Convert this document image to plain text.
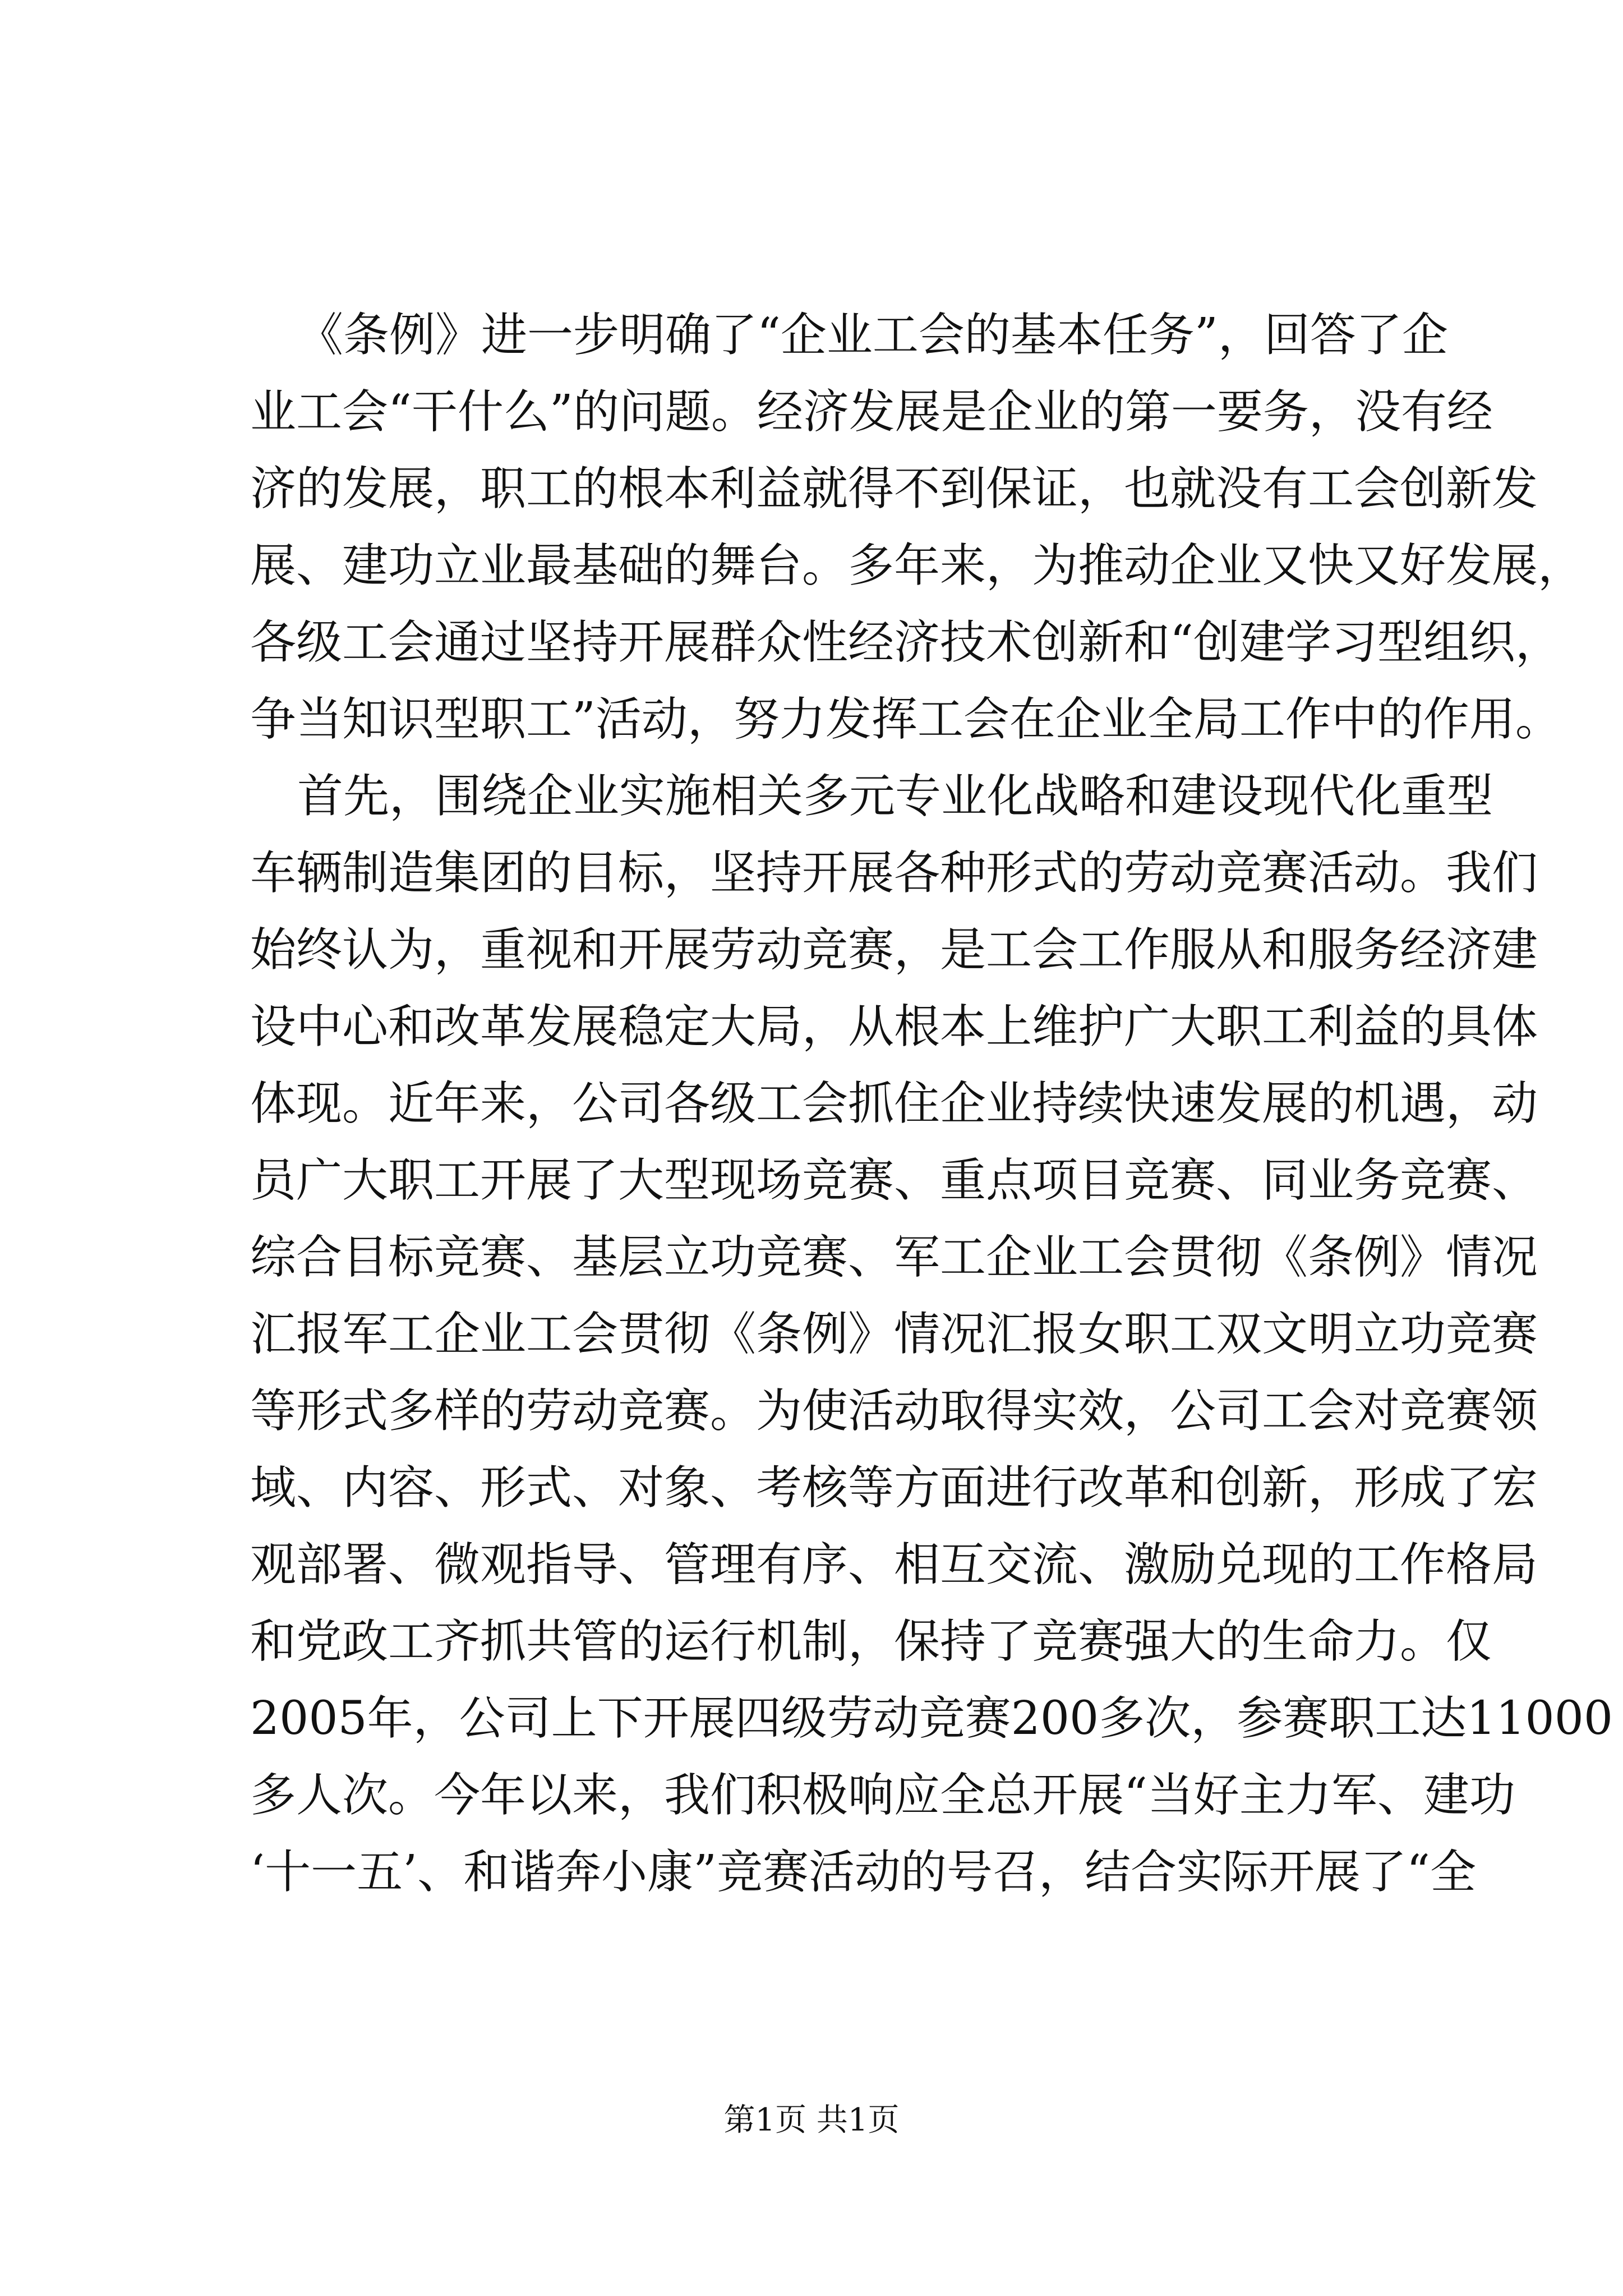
《条例》进一步明确了“企业工会的基本任务”，回答了企

业工会“干什么”的问题。经济发展是企业的第一要务，没有经

济的发展，职工的根本利益就得不到保证，也就没有工会创新发

展、建功立业最基础的舞台。多年来，为推动企业又快又好发展，

各级工会通过坚持开展群众性经济技术创新和“创建学习型组织，

争当知识型职工”活动，努力发挥工会在企业全局工作中的作用。

首先，围绕企业实施相关多元专业化战略和建设现代化重型

车辆制造集团的目标，坚持开展各种形式的劳动竞赛活动。我们

始终认为，重视和开展劳动竞赛，是工会工作服从和服务经济建

设中心和改革发展稳定大局，从根本上维护广大职工利益的具体

体现。近年来，公司各级工会抓住企业持续快速发展的机遇，动

员广大职工开展了大型现场竞赛、重点项目竞赛、同业务竞赛、

综合目标竞赛、基层立功竞赛、军工企业工会贯彻《条例》情况

汇报军工企业工会贯彻《条例》情况汇报女职工双文明立功竞赛

等形式多样的劳动竞赛。为使活动取得实效，公司工会对竞赛领

域、内容、形式、对象、考核等方面进行改革和创新，形成了宏

观部署、微观指导、管理有序、相互交流、激励兑现的工作格局

和党政工齐抓共管的运行机制，保持了竞赛强大的生命力。仅

2005年，公司上下开展四级劳动竞赛200多次，参赛职工达11000

多人次。今年以来，我们积极响应全总开展“当好主力军、建功

‘十一五’、和谐奔小康”竞赛活动的号召，结合实际开展了“全

第1页 共1页
